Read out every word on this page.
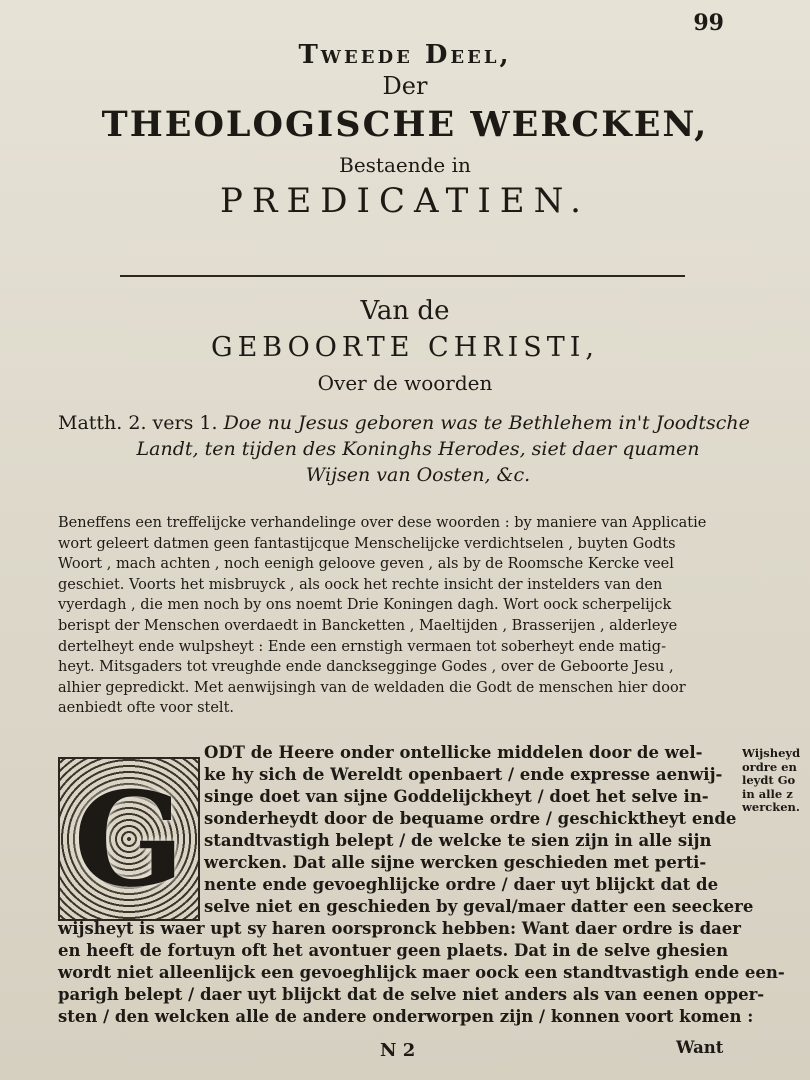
99

Tweede Deel,

Der

THEOLOGISCHE WERCKEN,

Bestaende in

PREDICATIEN.

Van de

GEBOORTE CHRISTI,

Over de woorden

Matth. 2. vers 1. Doe nu Jesus geboren was te Bethlehem in't Joodtsche
Landt, ten tijden des Koninghs Herodes, siet daer quamen
Wijsen van Oosten, &c.
Beneffens een treffelijcke verhandelinge over dese woorden : by maniere van Applicatie
wort geleert datmen geen fantastijcque Menschelijcke verdichtselen , buyten Godts
Woort , mach achten , noch eenigh geloove geven , als by de Roomsche Kercke veel
geschiet. Voorts het misbruyck , als oock het rechte insicht der instelders van den
vyerdagh , die men noch by ons noemt Drie Koningen dagh. Wort oock scherpelijck
berispt der Menschen overdaedt in Bancketten , Maeltijden , Brasserijen , alderleye
dertelheyt ende wulpsheyt : Ende een ernstigh vermaen tot soberheyt ende matig-
heyt. Mitsgaders tot vreughde ende dancksegginge Godes , over de Geboorte Jesu ,
alhier gepredickt. Met aenwijsingh van de weldaden die Godt de menschen hier door
aenbiedt ofte voor stelt.
G
ODT de Heere onder ontellicke middelen door de wel-
ke hy sich de Wereldt openbaert / ende expresse aenwij-
singe doet van sijne Goddelijckheyt / doet het selve in-
sonderheydt door de bequame ordre / geschicktheyt ende
standtvastigh belept / de welcke te sien zijn in alle sijn
wercken. Dat alle sijne wercken geschieden met perti-
nente ende gevoeghlijcke ordre / daer uyt blijckt dat de
selve niet en geschieden by geval/maer datter een seeckere
wijsheyt is waer upt sy haren oorspronck hebben: Want daer ordre is daer
en heeft de fortuyn oft het avontuer geen plaets. Dat in de selve ghesien
wordt niet alleenlijck een gevoeghlijck maer oock een standtvastigh ende een-
parigh belept / daer uyt blijckt dat de selve niet anders als van eenen opper-
sten / den welcken alle de andere onderworpen zijn / konnen voort komen :
Wijsheyd
ordre en
leydt Go
in alle z
wercken.
N 2	Want
